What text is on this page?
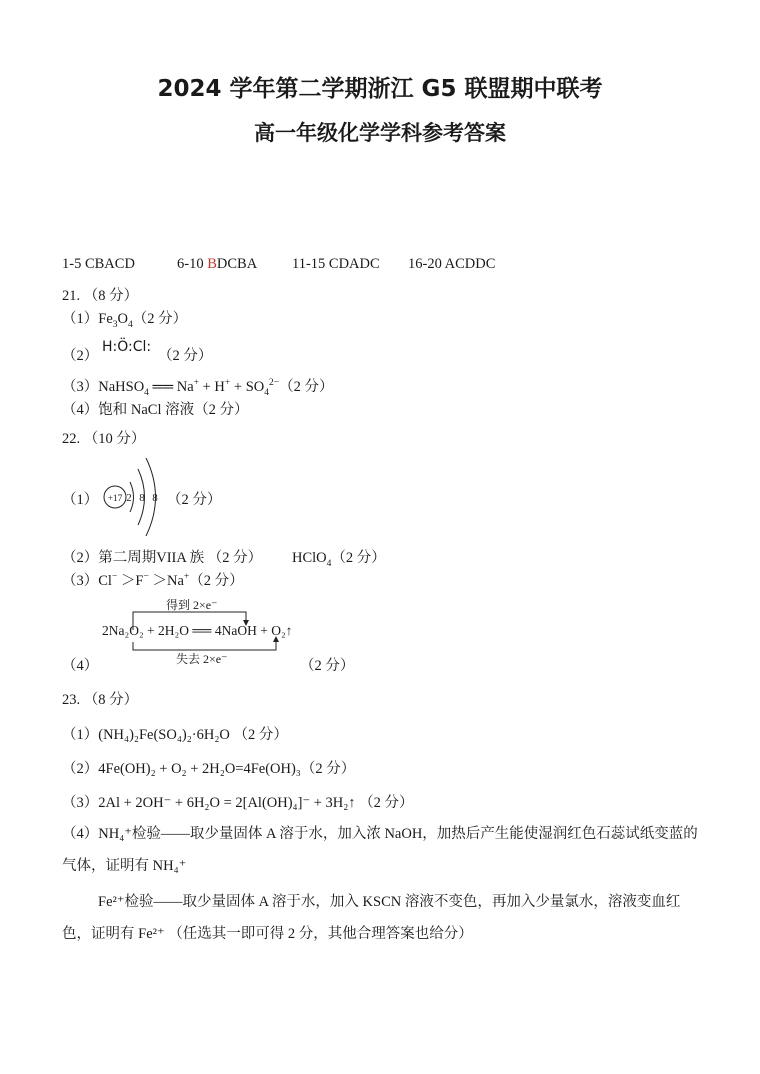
2024 学年第二学期浙江 G5 联盟期中联考
高一年级化学学科参考答案
1-5 CBACD	6-10 BDCBA 11-15 CDADC 16-20 ACDDC
21. （8 分）
$(1)Fe_3O_4(2$ 分）
（2）
H:Ö:Cl:
（2 分）
（3）NaHSO$_4$ ══ $Na^+ + H^+ + SO_4^{2-}(2$ 分）
（4）饱和 NaCl 溶液（2 分）
22. （10 分）
（1） +17 2 8 8 （2 分）
（2）第二周期VIIA 族 （2 分） HClO$_4$（2 分）
（3）Cl− ＞F− ＞Na+（2 分）
得到 2×e⁻
2Na₂O₂ + 2H₂O ══ 4NaOH + O₂↑
失去 2×e⁻
（4）	（2 分）
23. （8 分）
（1）(NH₄)₂Fe(SO₄)₂·6H₂O （2 分）
（2）4Fe(OH)₂ + O₂ + 2H₂O=4Fe(OH)₃（2 分）
（3）2Al + 2OH⁻ + 6H₂O = 2[Al(OH)₄]⁻ + 3H₂↑ （2 分）
（4）NH₄⁺检验——取少量固体 A 溶于水，加入浓 NaOH，加热后产生能使湿润红色石蕊试纸变蓝的气体，证明有 NH₄⁺
Fe²⁺检验——取少量固体 A 溶于水，加入 KSCN 溶液不变色，再加入少量氯水，溶液变血红色，证明有 Fe²⁺ （任选其一即可得 2 分，其他合理答案也给分）
